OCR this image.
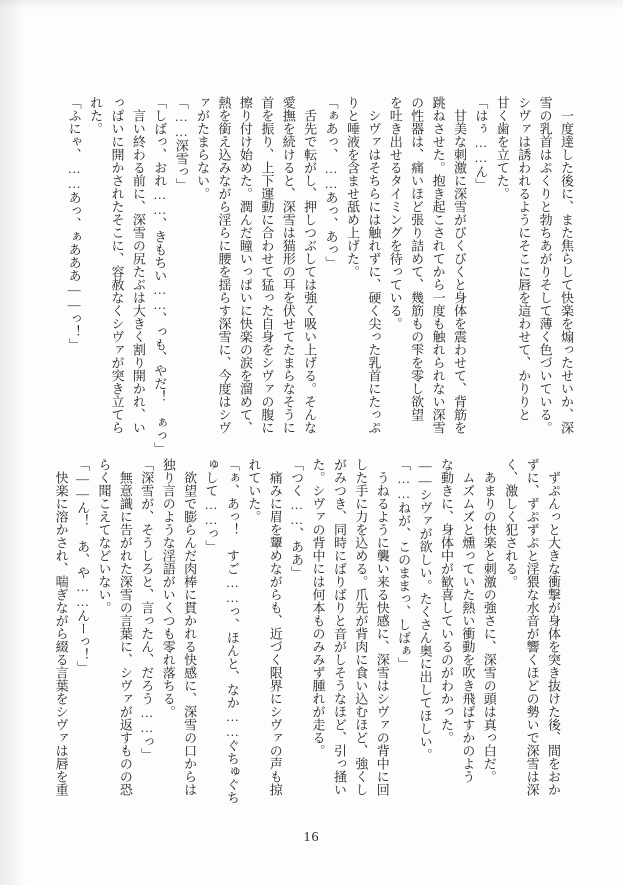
　一度達した後に、また焦らして快楽を煽ったせいか、深

雪の乳首はぷくりと勃ちあがりそして薄く色づいている。

シヴァは誘われるようにそこに唇を這わせて、かりりと

甘く歯を立てた。

「はぅ……ん」

　甘美な刺激に深雪がびくびくと身体を震わせて、背筋を

跳ねさせた。抱き起こされてから一度も触れられない深雪

の性器は、痛いほど張り詰めて、幾筋もの雫を零し欲望

を吐き出せるタイミングを待っている。

　シヴァはそちらには触れずに、硬く尖った乳首にたっぷ

りと唾液を含ませ舐め上げた。

「ぁあっ、……あっ、あっ」

　舌先で転がし、押しつぶしては強く吸い上げる。そんな

愛撫を続けると、深雪は猫形の耳を伏せてたまらなそうに

首を振り、上下運動に合わせて猛った自身をシヴァの腹に

擦り付け始めた。潤んだ瞳いっぱいに快楽の涙を溜めて、

熱を銜え込みながら淫らに腰を揺らす深雪に、今度はシヴ

ァがたまらない。

「……深雪っ」

「しばっ、おれ……、きもちい……、っも、やだ！　ぁっ」

　言い終わる前に、深雪の尻たぶは大きく割り開かれ、い

っぱいに開かされたそこに、容赦なくシヴァが突き立てら

れた。

「ふにゃ、……あっ、ぁあああ――っ！」

　ずぷんっと大きな衝撃が身体を突き抜けた後、間をおか

ずに、ずぷずぷと淫猥な水音が響くほどの勢いで深雪は深

く、激しく犯される。

　あまりの快楽と刺激の強さに、深雪の頭は真っ白だ。

　ムズムズと燻っていた熱い衝動を吹き飛ばすかのよう

な動きに、身体中が歓喜しているのがわかった。

――シヴァが欲しい。たくさん奥に出してほしい。

「……ねが、このままっ、しばぁ」

　うねるように襲い来る快感に、深雪はシヴァの背中に回

した手に力を込める。爪先が背肉に食い込むほど、強くし

がみつき、同時にばりばりと音がしそうなほど、引っ掻い

た。シヴァの背中には何本ものみみず腫れが走る。

「つく……、ああ」

　痛みに眉を顰めながらも、近づく限界にシヴァの声も掠

れていた。

「ぁ、あっ！　すご……っ、ほんと、なか……ぐちゅぐち

ゅして……っ」

　欲望で膨らんだ肉棒に貫かれる快感に、深雪の口からは

独り言のような淫語がいくつも零れ落ちる。

「深雪が、そうしろと、言ったん、だろう……っ」

　無意識に告がれた深雪の言葉に、シヴァが返すものの恐

らく聞こえてなどいない。

「――ん！　あ、や……んーっ！」

　快楽に溶かされ、喘ぎながら綴る言葉をシヴァは唇を重

16
